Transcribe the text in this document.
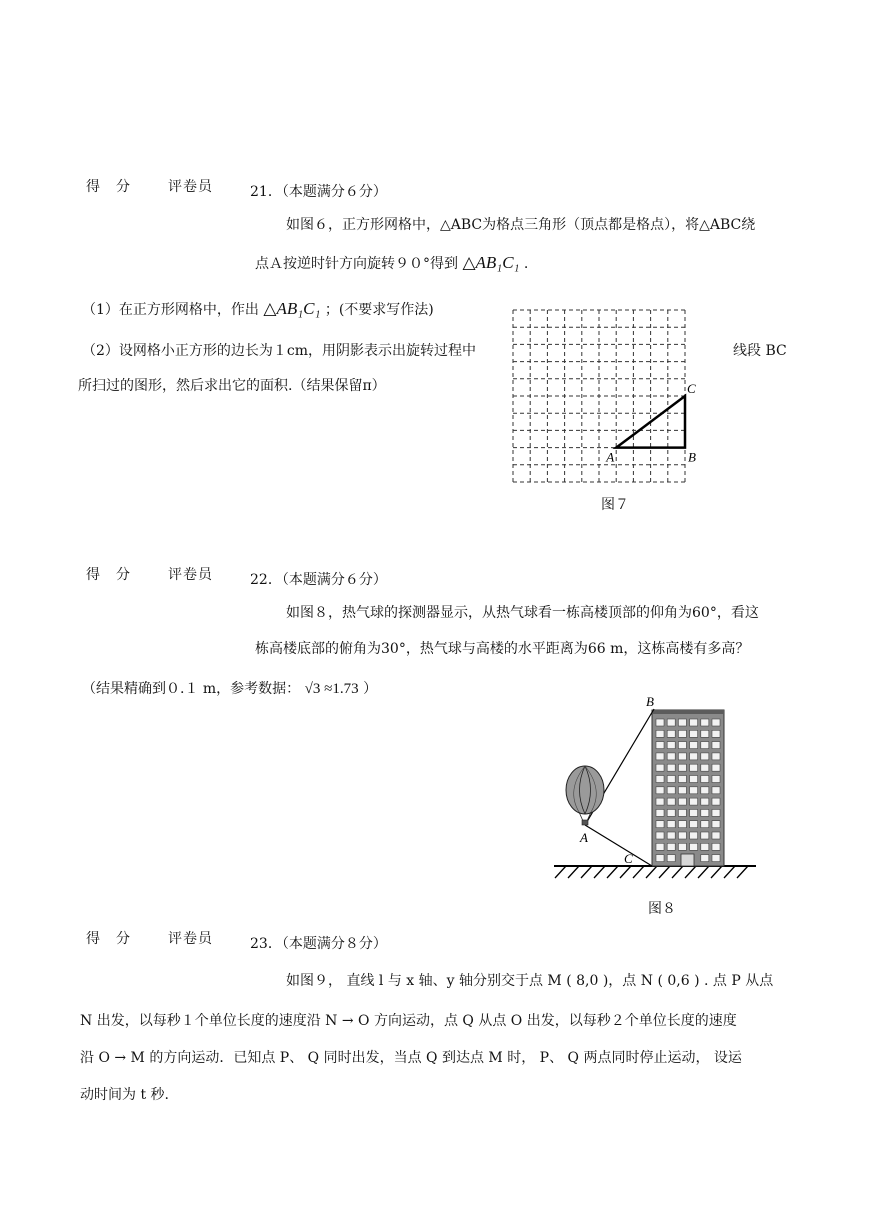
得　分	评卷员	21．（本题满分６分）
如图６，正方形网格中，△ABC为格点三角形（顶点都是格点），将△ABC绕
点Ａ按逆时针方向旋转９０°得到 △AB₁C₁ .
（1）在正方形网格中，作出 △AB₁C₁ ；(不要求写作法)
（2）设网格小正方形的边长为１cm，用阴影表示出旋转过程中	线段 BC
所扫过的图形，然后求出它的面积.（结果保留π）
A	B
C
图７
得　分	评卷员	22．（本题满分６分）
如图８，热气球的探测器显示，从热气球看一栋高楼顶部的仰角为60°，看这
栋高楼底部的俯角为30°，热气球与高楼的水平距离为66 m，这栋高楼有多高？
（结果精确到０.１ m，参考数据： √3 ≈1.73 ）
B
A
C
图８
得　分	评卷员	23．（本题满分８分）
如图９， 直线 l 与 x 轴、y 轴分别交于点 M ( 8,0 )，点 N ( 0,6 ) . 点 P 从点
N 出发，以每秒１个单位长度的速度沿 N → O 方向运动，点 Q 从点 O 出发，以每秒２个单位长度的速度
沿 O → M 的方向运动．已知点 P、 Q 同时出发，当点 Q 到达点 M 时， P、 Q 两点同时停止运动， 设运
动时间为 t 秒.
